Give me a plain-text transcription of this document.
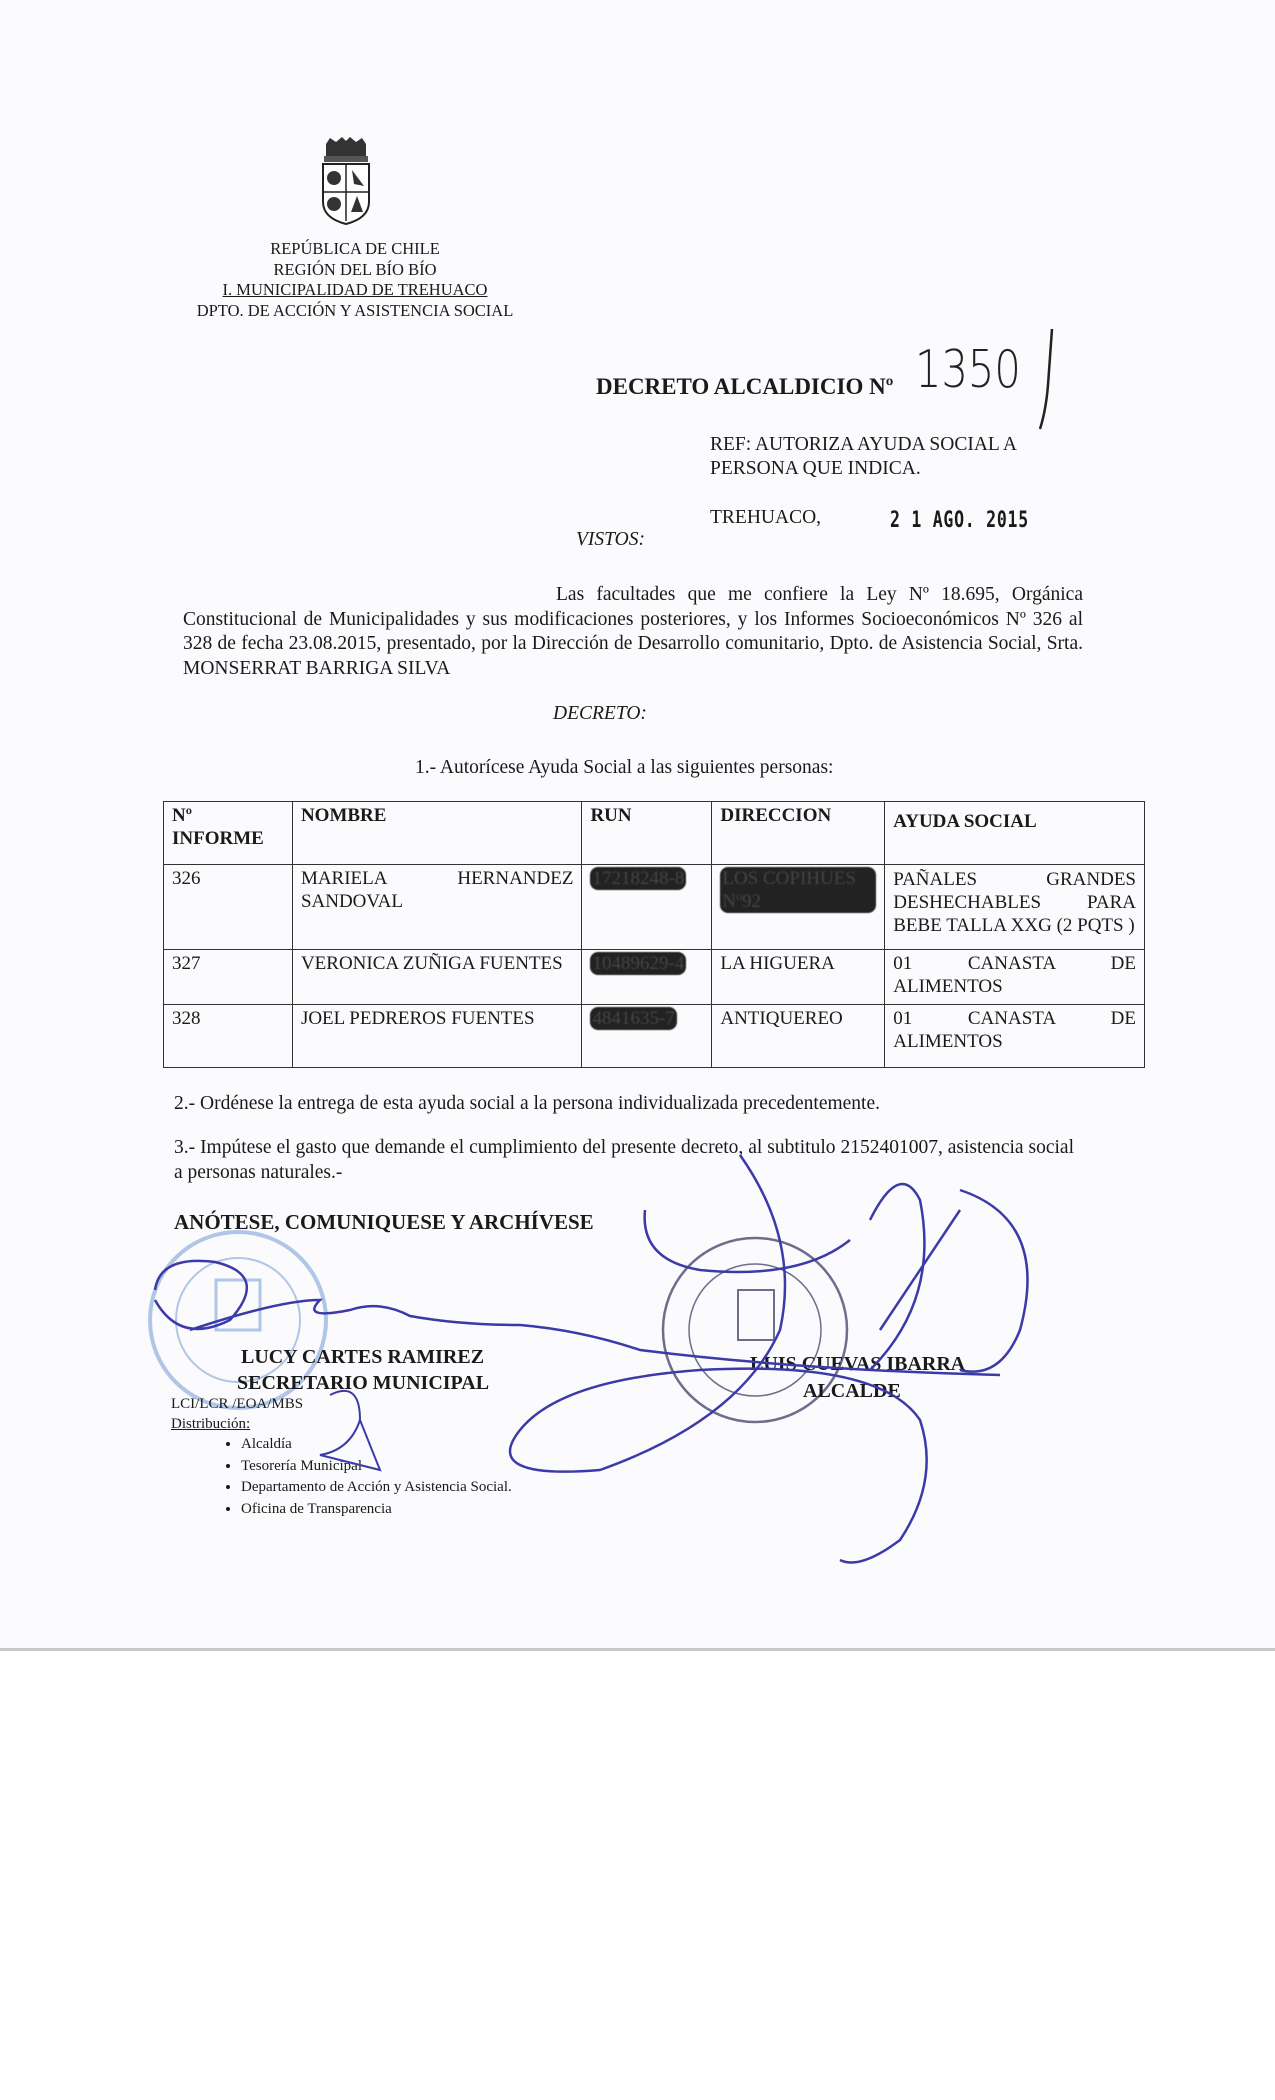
REPÚBLICA DE CHILE
REGIÓN DEL BÍO BÍO
I. MUNICIPALIDAD DE TREHUACO
DPTO. DE ACCIÓN Y ASISTENCIA SOCIAL
DECRETO ALCALDICIO Nº 1350
REF: AUTORIZA AYUDA SOCIAL A
PERSONA QUE INDICA.
TREHUACO,	2 1 AGO. 2015
VISTOS:
Las facultades que me confiere la Ley Nº 18.695, Orgánica Constitucional de Municipalidades y sus modificaciones posteriores, y los Informes Socioeconómicos Nº 326 al 328 de fecha 23.08.2015, presentado, por la Dirección de Desarrollo comunitario, Dpto. de Asistencia Social, Srta. MONSERRAT BARRIGA SILVA
DECRETO:
1.- Autorícese Ayuda Social a las siguientes personas:
Nº INFORME	NOMBRE	RUN	DIRECCION	AYUDA SOCIAL
326	MARIELA HERNANDEZ SANDOVAL	17218248-8	LOS COPIHUES Nº92	PAÑALES GRANDES DESHECHABLES PARA BEBE TALLA XXG (2 PQTS )
327	VERONICA ZUÑIGA FUENTES	10489629-4	LA HIGUERA	01 CANASTA DE ALIMENTOS
328	JOEL PEDREROS FUENTES	4841635-7	ANTIQUEREO	01 CANASTA DE ALIMENTOS
2.- Ordénese la entrega de esta ayuda social a la persona individualizada precedentemente.
3.- Impútese el gasto que demande el cumplimiento del presente decreto, al subtitulo 2152401007, asistencia social a personas naturales.-
ANÓTESE, COMUNIQUESE Y ARCHÍVESE
LUCY CARTES RAMIREZ
SECRETARIO MUNICIPAL
LUIS CUEVAS IBARRA
ALCALDE
LCI/LCR /EOA/MBS
Distribución:
• Alcaldía
• Tesorería Municipal
• Departamento de Acción y Asistencia Social.
• Oficina de Transparencia
